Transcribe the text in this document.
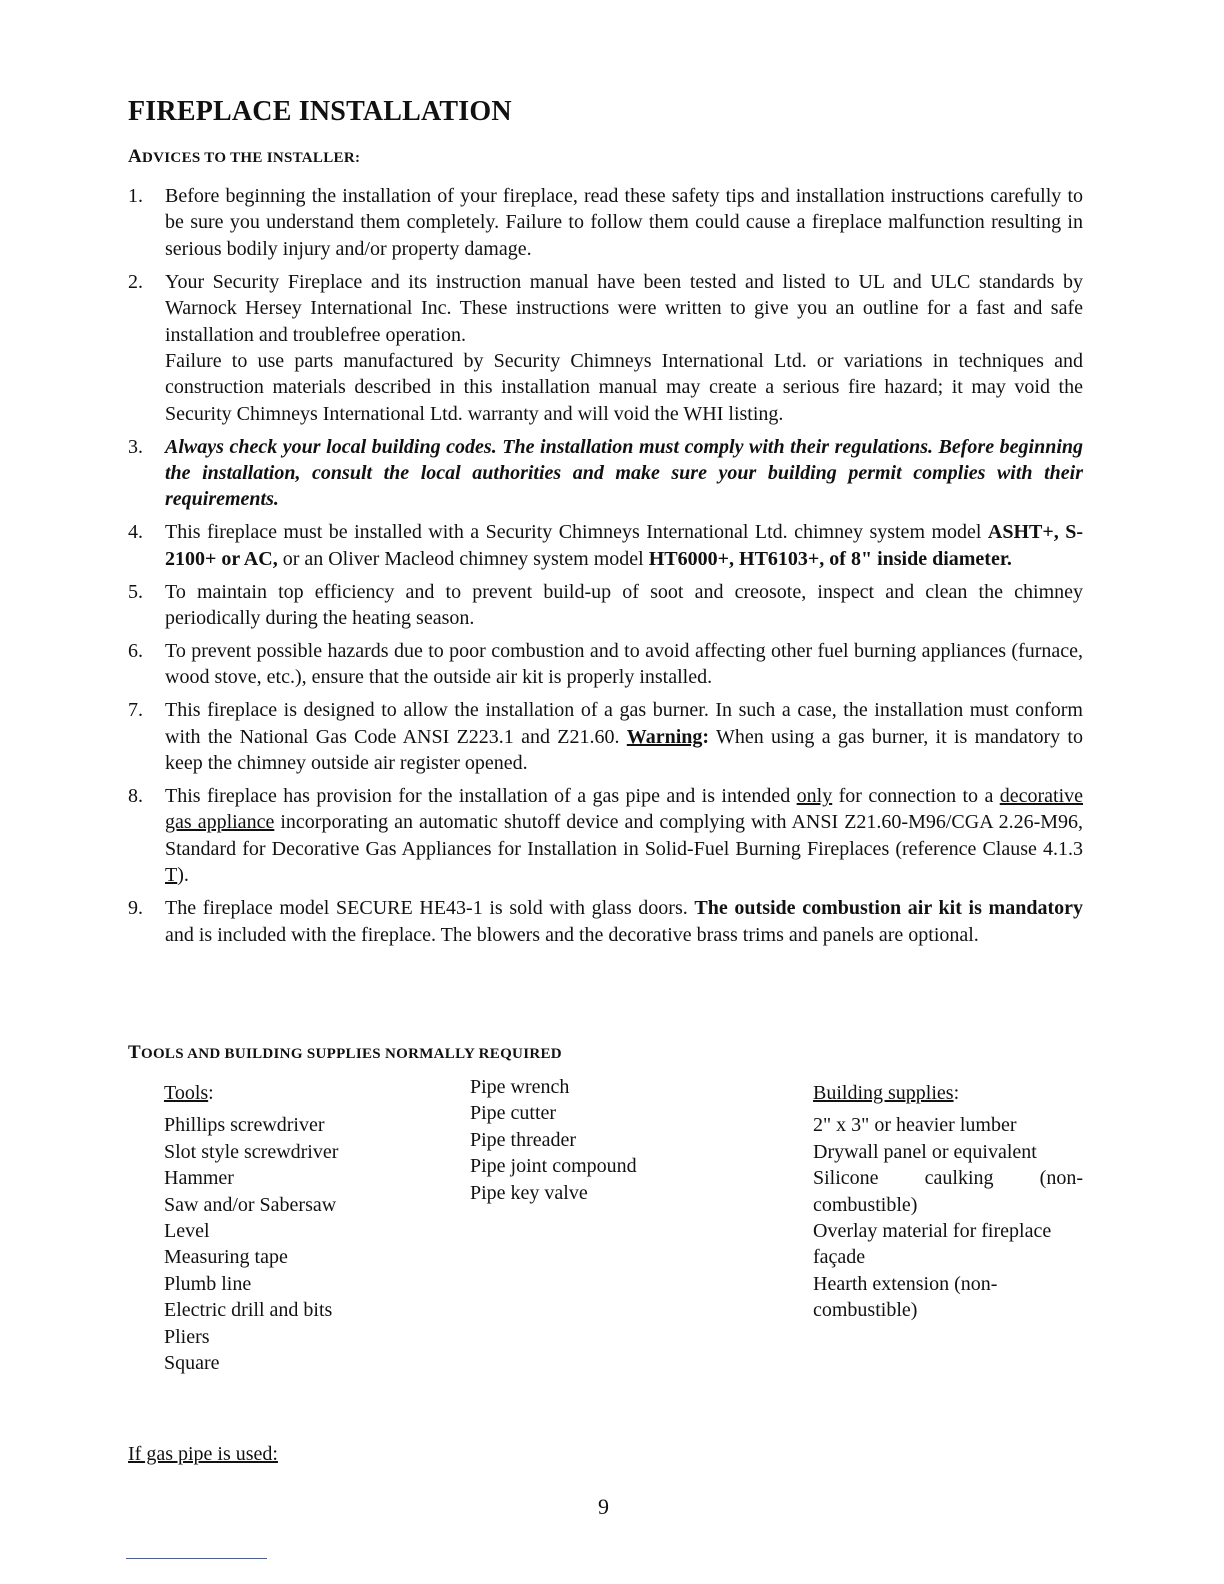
FIREPLACE INSTALLATION
ADVICES TO THE INSTALLER:
1. Before beginning the installation of your fireplace, read these safety tips and installation instructions carefully to be sure you understand them completely. Failure to follow them could cause a fireplace malfunction resulting in serious bodily injury and/or property damage.

2. Your Security Fireplace and its instruction manual have been tested and listed to UL and ULC standards by Warnock Hersey International Inc. These instructions were written to give you an outline for a fast and safe installation and troublefree operation.

Failure to use parts manufactured by Security Chimneys International Ltd. or variations in techniques and construction materials described in this installation manual may create a serious fire hazard; it may void the Security Chimneys International Ltd. warranty and will void the WHI listing.

3. Always check your local building codes. The installation must comply with their regulations. Before beginning the installation, consult the local authorities and make sure your building permit complies with their requirements.

4. This fireplace must be installed with a Security Chimneys International Ltd. chimney system model ASHT+, S-2100+ or AC, or an Oliver Macleod chimney system model HT6000+, HT6103+, of 8" inside diameter.

5. To maintain top efficiency and to prevent build-up of soot and creosote, inspect and clean the chimney periodically during the heating season.

6. To prevent possible hazards due to poor combustion and to avoid affecting other fuel burning appliances (furnace, wood stove, etc.), ensure that the outside air kit is properly installed.

7. This fireplace is designed to allow the installation of a gas burner. In such a case, the installation must conform with the National Gas Code ANSI Z223.1 and Z21.60. Warning: When using a gas burner, it is mandatory to keep the chimney outside air register opened.

8. This fireplace has provision for the installation of a gas pipe and is intended only for connection to a decorative gas appliance incorporating an automatic shutoff device and complying with ANSI Z21.60-M96/CGA 2.26-M96, Standard for Decorative Gas Appliances for Installation in Solid-Fuel Burning Fireplaces (reference Clause 4.1.3 T).

9. The fireplace model SECURE HE43-1 is sold with glass doors. The outside combustion air kit is mandatory and is included with the fireplace. The blowers and the decorative brass trims and panels are optional.

TOOLS AND BUILDING SUPPLIES NORMALLY REQUIRED
Tools:
Phillips screwdriver
Slot style screwdriver
Hammer
Saw and/or Sabersaw
Level
Measuring tape
Plumb line
Electric drill and bits
Pliers
Square
Pipe wrench
Pipe cutter
Pipe threader
Pipe joint compound
Pipe key valve
Building supplies:
2" x 3" or heavier lumber
Drywall panel or equivalent
Silicone caulking (non-
combustible)
Overlay material for fireplace
façade
Hearth extension (non-
combustible)
If gas pipe is used:
9
